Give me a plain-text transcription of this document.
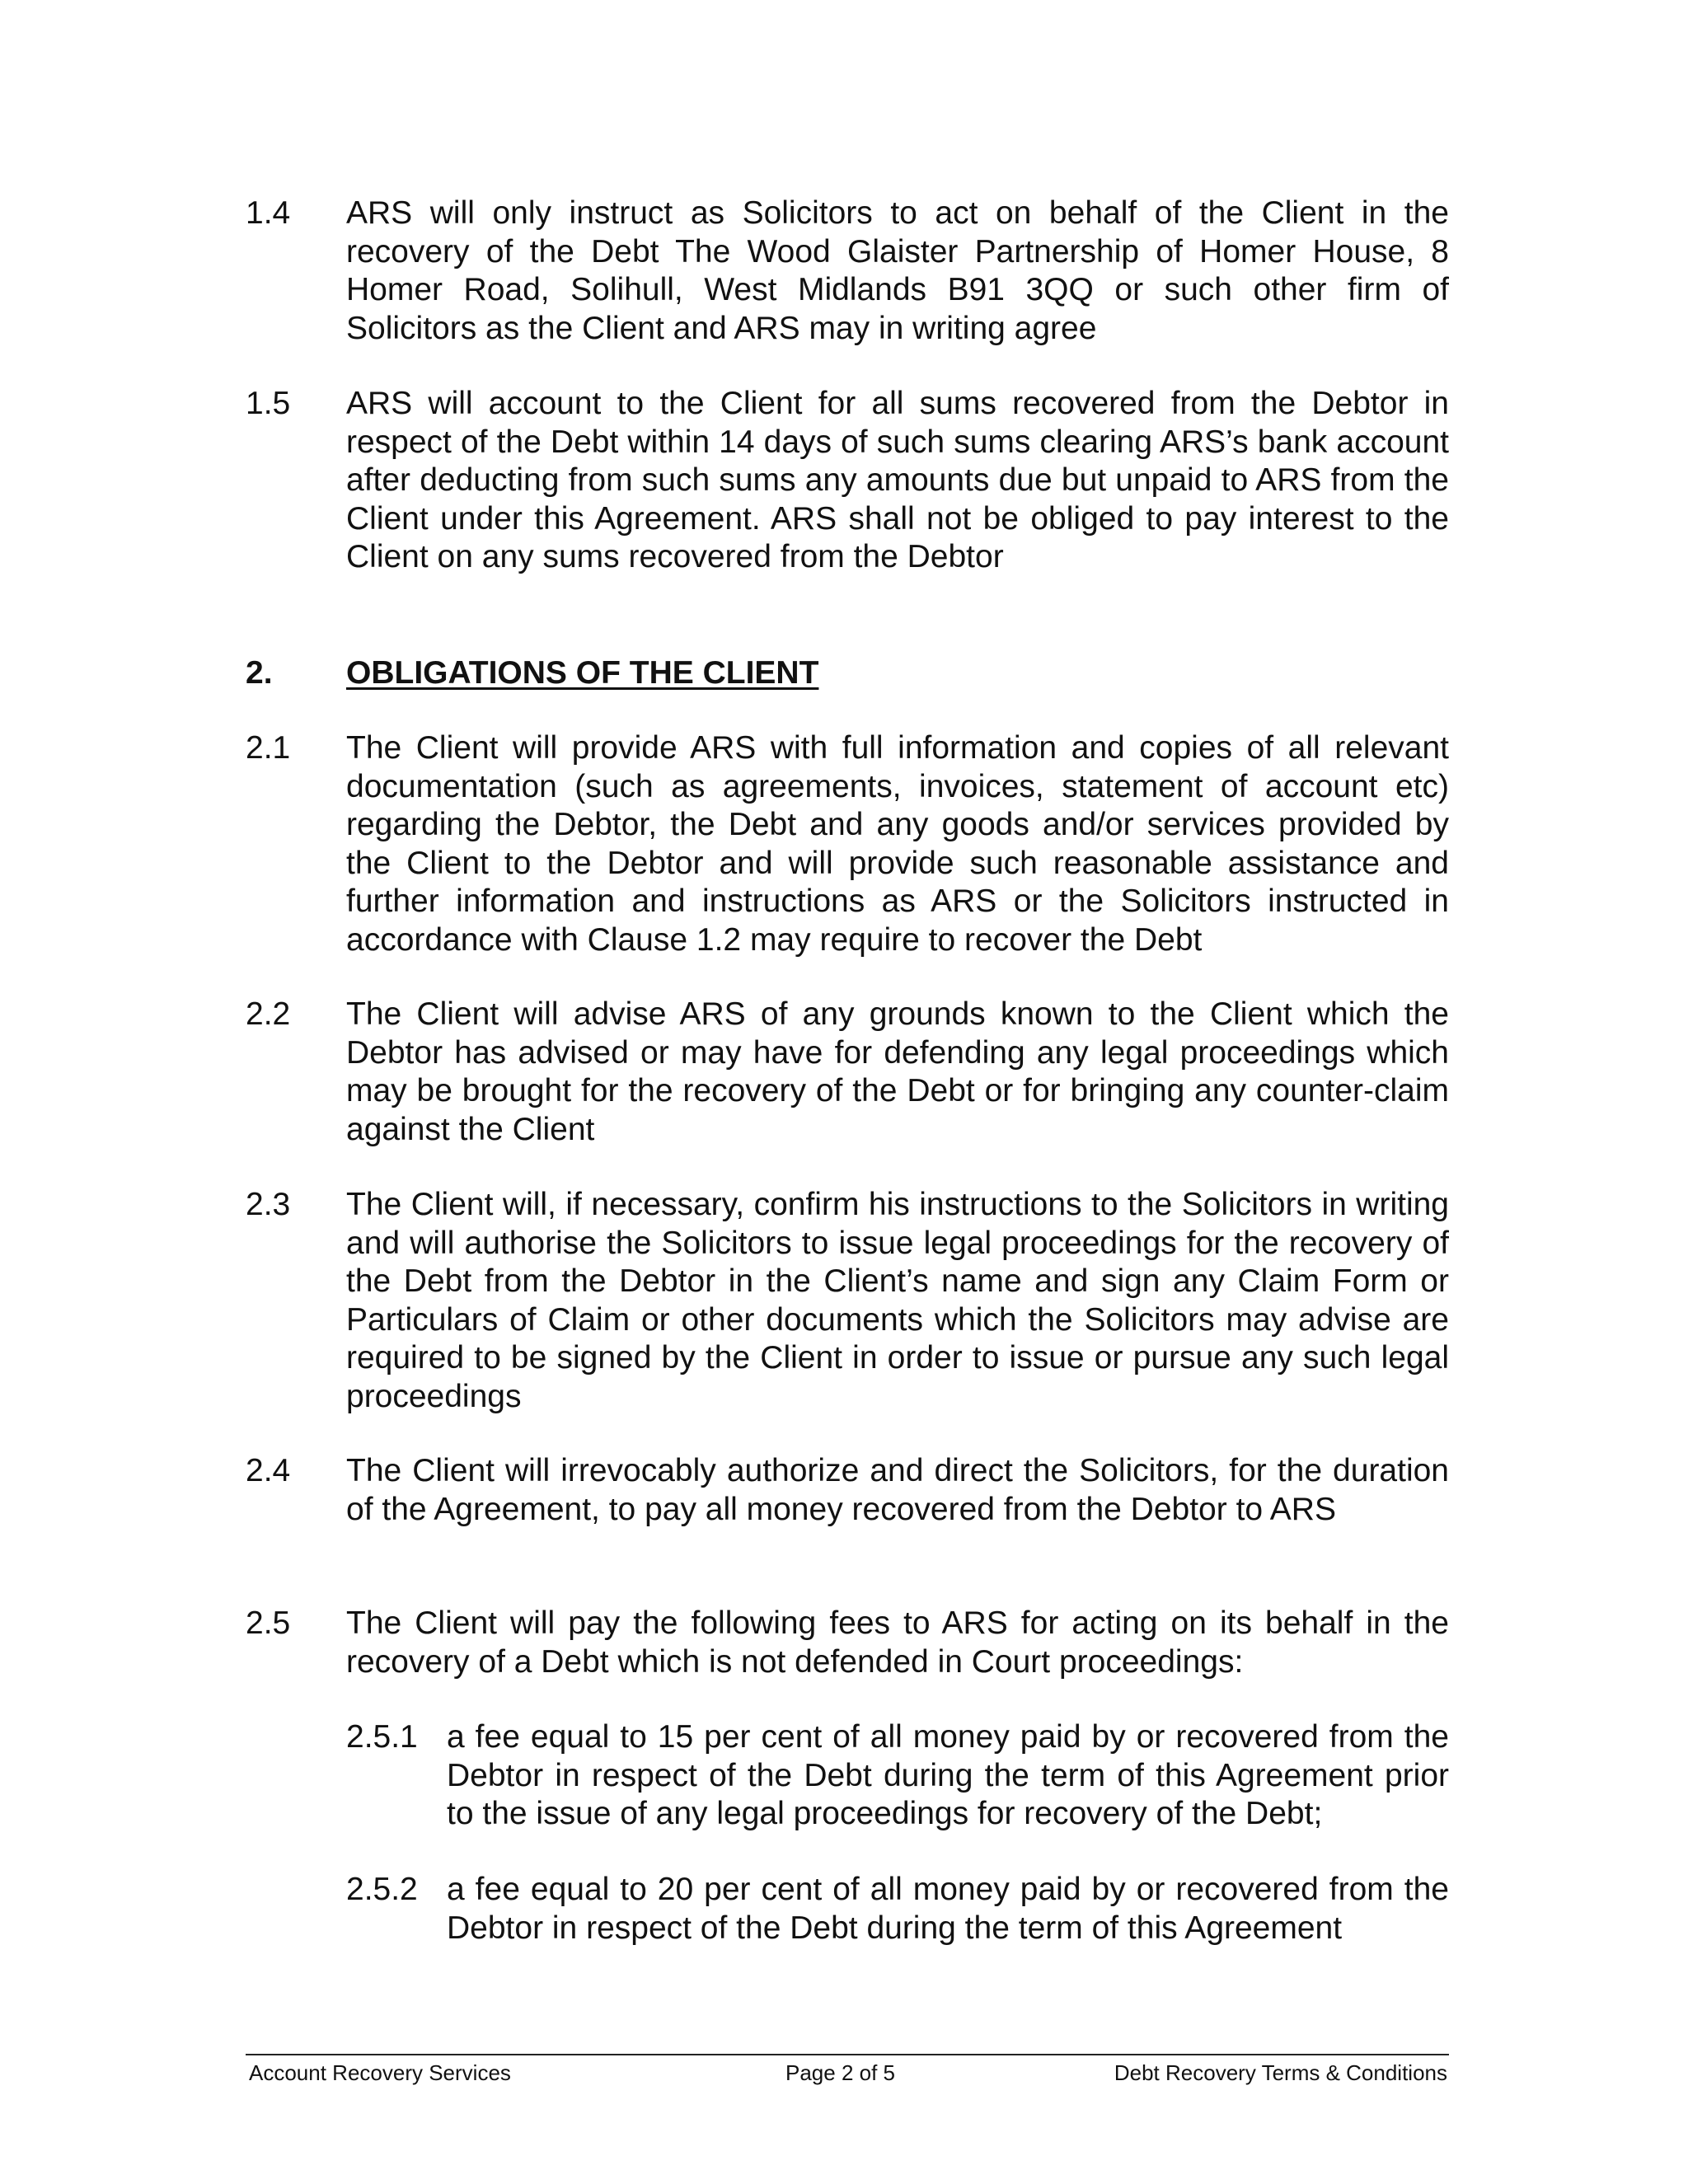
1.4 ARS will only instruct as Solicitors to act on behalf of the Client in the recovery of the Debt The Wood Glaister Partnership of Homer House, 8 Homer Road, Solihull, West Midlands B91 3QQ or such other firm of Solicitors as the Client and ARS may in writing agree
1.5 ARS will account to the Client for all sums recovered from the Debtor in respect of the Debt within 14 days of such sums clearing ARS’s bank account after deducting from such sums any amounts due but unpaid to ARS from the Client under this Agreement. ARS shall not be obliged to pay interest to the Client on any sums recovered from the Debtor
2. OBLIGATIONS OF THE CLIENT
2.1 The Client will provide ARS with full information and copies of all relevant documentation (such as agreements, invoices, statement of account etc) regarding the Debtor, the Debt and any goods and/or services provided by the Client to the Debtor and will provide such reasonable assistance and further information and instructions as ARS or the Solicitors instructed in accordance with Clause 1.2 may require to recover the Debt
2.2 The Client will advise ARS of any grounds known to the Client which the Debtor has advised or may have for defending any legal proceedings which may be brought for the recovery of the Debt or for bringing any counter-claim against the Client
2.3 The Client will, if necessary, confirm his instructions to the Solicitors in writing and will authorise the Solicitors to issue legal proceedings for the recovery of the Debt from the Debtor in the Client’s name and sign any Claim Form or Particulars of Claim or other documents which the Solicitors may advise are required to be signed by the Client in order to issue or pursue any such legal proceedings
2.4 The Client will irrevocably authorize and direct the Solicitors, for the duration of the Agreement, to pay all money recovered from the Debtor to ARS
2.5 The Client will pay the following fees to ARS for acting on its behalf in the recovery of a Debt which is not defended in Court proceedings:
2.5.1 a fee equal to 15 per cent of all money paid by or recovered from the Debtor in respect of the Debt during the term of this Agreement prior to the issue of any legal proceedings for recovery of the Debt;
2.5.2 a fee equal to 20 per cent of all money paid by or recovered from the Debtor in respect of the Debt during the term of this Agreement
Account Recovery Services	Page 2 of 5	Debt Recovery Terms & Conditions
